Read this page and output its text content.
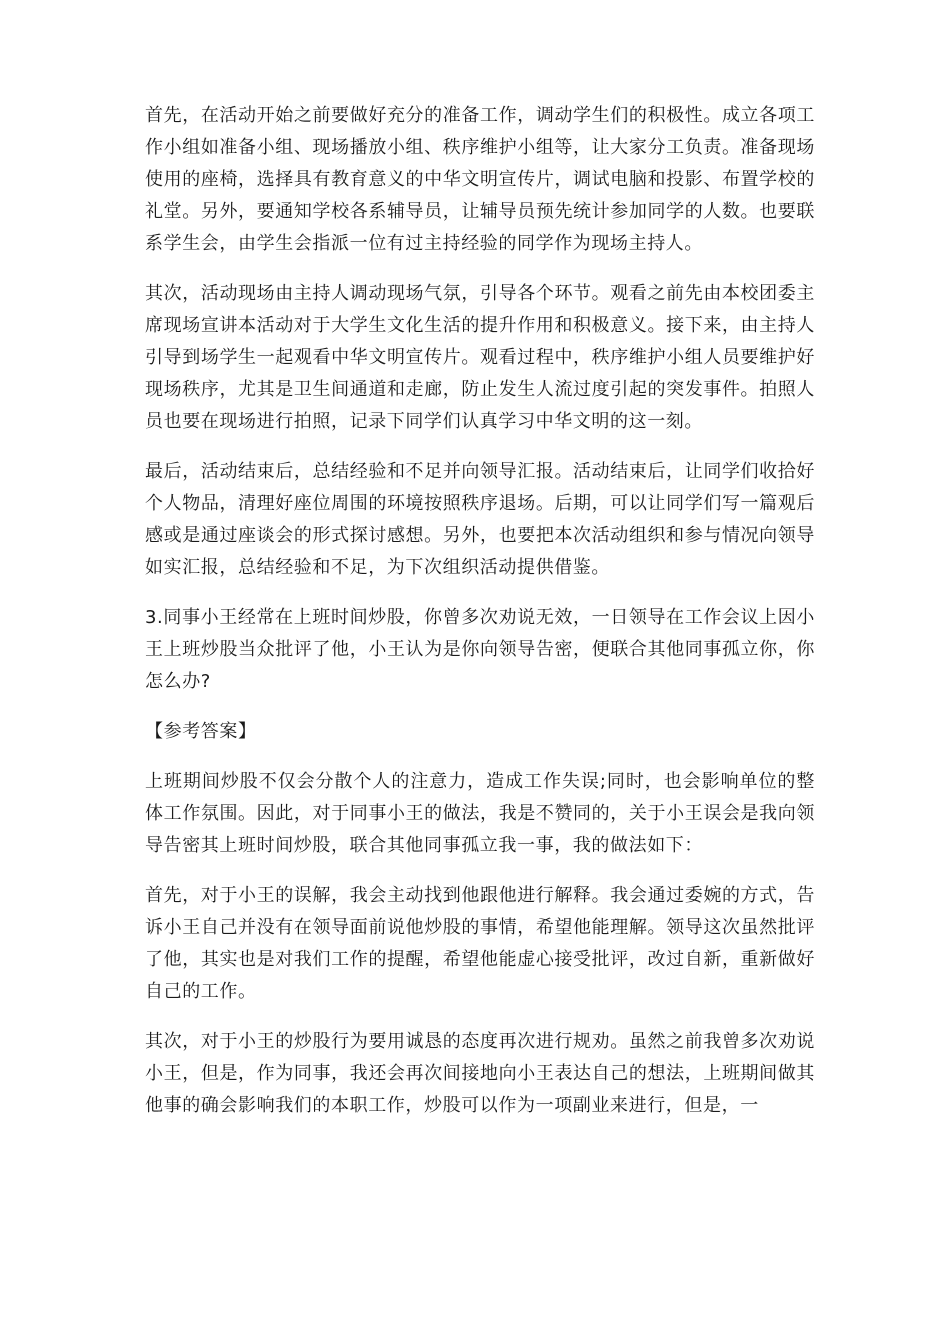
首先，在活动开始之前要做好充分的准备工作，调动学生们的积极性。成立各项工作小组如准备小组、现场播放小组、秩序维护小组等，让大家分工负责。准备现场使用的座椅，选择具有教育意义的中华文明宣传片，调试电脑和投影、布置学校的礼堂。另外，要通知学校各系辅导员，让辅导员预先统计参加同学的人数。也要联系学生会，由学生会指派一位有过主持经验的同学作为现场主持人。

其次，活动现场由主持人调动现场气氛，引导各个环节。观看之前先由本校团委主席现场宣讲本活动对于大学生文化生活的提升作用和积极意义。接下来，由主持人引导到场学生一起观看中华文明宣传片。观看过程中，秩序维护小组人员要维护好现场秩序，尤其是卫生间通道和走廊，防止发生人流过度引起的突发事件。拍照人员也要在现场进行拍照，记录下同学们认真学习中华文明的这一刻。

最后，活动结束后，总结经验和不足并向领导汇报。活动结束后，让同学们收拾好个人物品，清理好座位周围的环境按照秩序退场。后期，可以让同学们写一篇观后感或是通过座谈会的形式探讨感想。另外，也要把本次活动组织和参与情况向领导如实汇报，总结经验和不足，为下次组织活动提供借鉴。

3.同事小王经常在上班时间炒股，你曾多次劝说无效，一日领导在工作会议上因小王上班炒股当众批评了他，小王认为是你向领导告密，便联合其他同事孤立你，你怎么办?

【参考答案】

上班期间炒股不仅会分散个人的注意力，造成工作失误;同时，也会影响单位的整体工作氛围。因此，对于同事小王的做法，我是不赞同的，关于小王误会是我向领导告密其上班时间炒股，联合其他同事孤立我一事，我的做法如下：

首先，对于小王的误解，我会主动找到他跟他进行解释。我会通过委婉的方式，告诉小王自己并没有在领导面前说他炒股的事情，希望他能理解。领导这次虽然批评了他，其实也是对我们工作的提醒，希望他能虚心接受批评，改过自新，重新做好自己的工作。

其次，对于小王的炒股行为要用诚恳的态度再次进行规劝。虽然之前我曾多次劝说小王，但是，作为同事，我还会再次间接地向小王表达自己的想法，上班期间做其他事的确会影响我们的本职工作，炒股可以作为一项副业来进行，但是，一
